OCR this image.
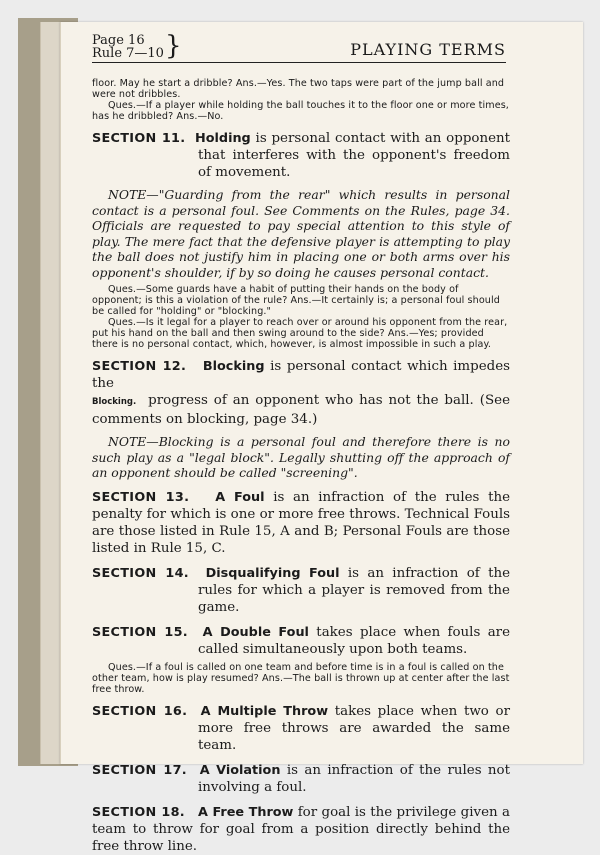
Page 16
Rule 7—10 }	PLAYING TERMS

floor. May he start a dribble? Ans.—Yes. The two taps were part of the jump ball and were not dribbles.

Ques.—If a player while holding the ball touches it to the floor one or more times, has he dribbled? Ans.—No.

SECTION 11. Holding is personal contact with an opponent that interferes with the opponent's freedom of movement.

NOTE—"Guarding from the rear" which results in personal contact is a personal foul. See Comments on the Rules, page 34. Officials are requested to pay special attention to this style of play. The mere fact that the defensive player is attempting to play the ball does not justify him in placing one or both arms over his opponent's shoulder, if by so doing he causes personal contact.

Ques.—Some guards have a habit of putting their hands on the body of opponent; is this a violation of the rule? Ans.—It certainly is; a personal foul should be called for "holding" or "blocking."

Ques.—Is it legal for a player to reach over or around his opponent from the rear, put his hand on the ball and then swing around to the side? Ans.—Yes; provided there is no personal contact, which, however, is almost impossible in such a play.

SECTION 12. Blocking is personal contact which impedes the
Blocking. progress of an opponent who has not the ball. (See comments on blocking, page 34.)

NOTE—Blocking is a personal foul and therefore there is no such play as a "legal block". Legally shutting off the approach of an opponent should be called "screening".

SECTION 13. A Foul is an infraction of the rules the penalty for which is one or more free throws. Technical Fouls are those listed in Rule 15, A and B; Personal Fouls are those listed in Rule 15, C.

SECTION 14. Disqualifying Foul is an infraction of the rules for which a player is removed from the game.

SECTION 15. A Double Foul takes place when fouls are called simultaneously upon both teams.

Ques.—If a foul is called on one team and before time is in a foul is called on the other team, how is play resumed? Ans.—The ball is thrown up at center after the last free throw.

SECTION 16. A Multiple Throw takes place when two or more free throws are awarded the same team.

SECTION 17. A Violation is an infraction of the rules not involving a foul.

SECTION 18. A Free Throw for goal is the privilege given a team to throw for goal from a position directly behind the free throw line.
